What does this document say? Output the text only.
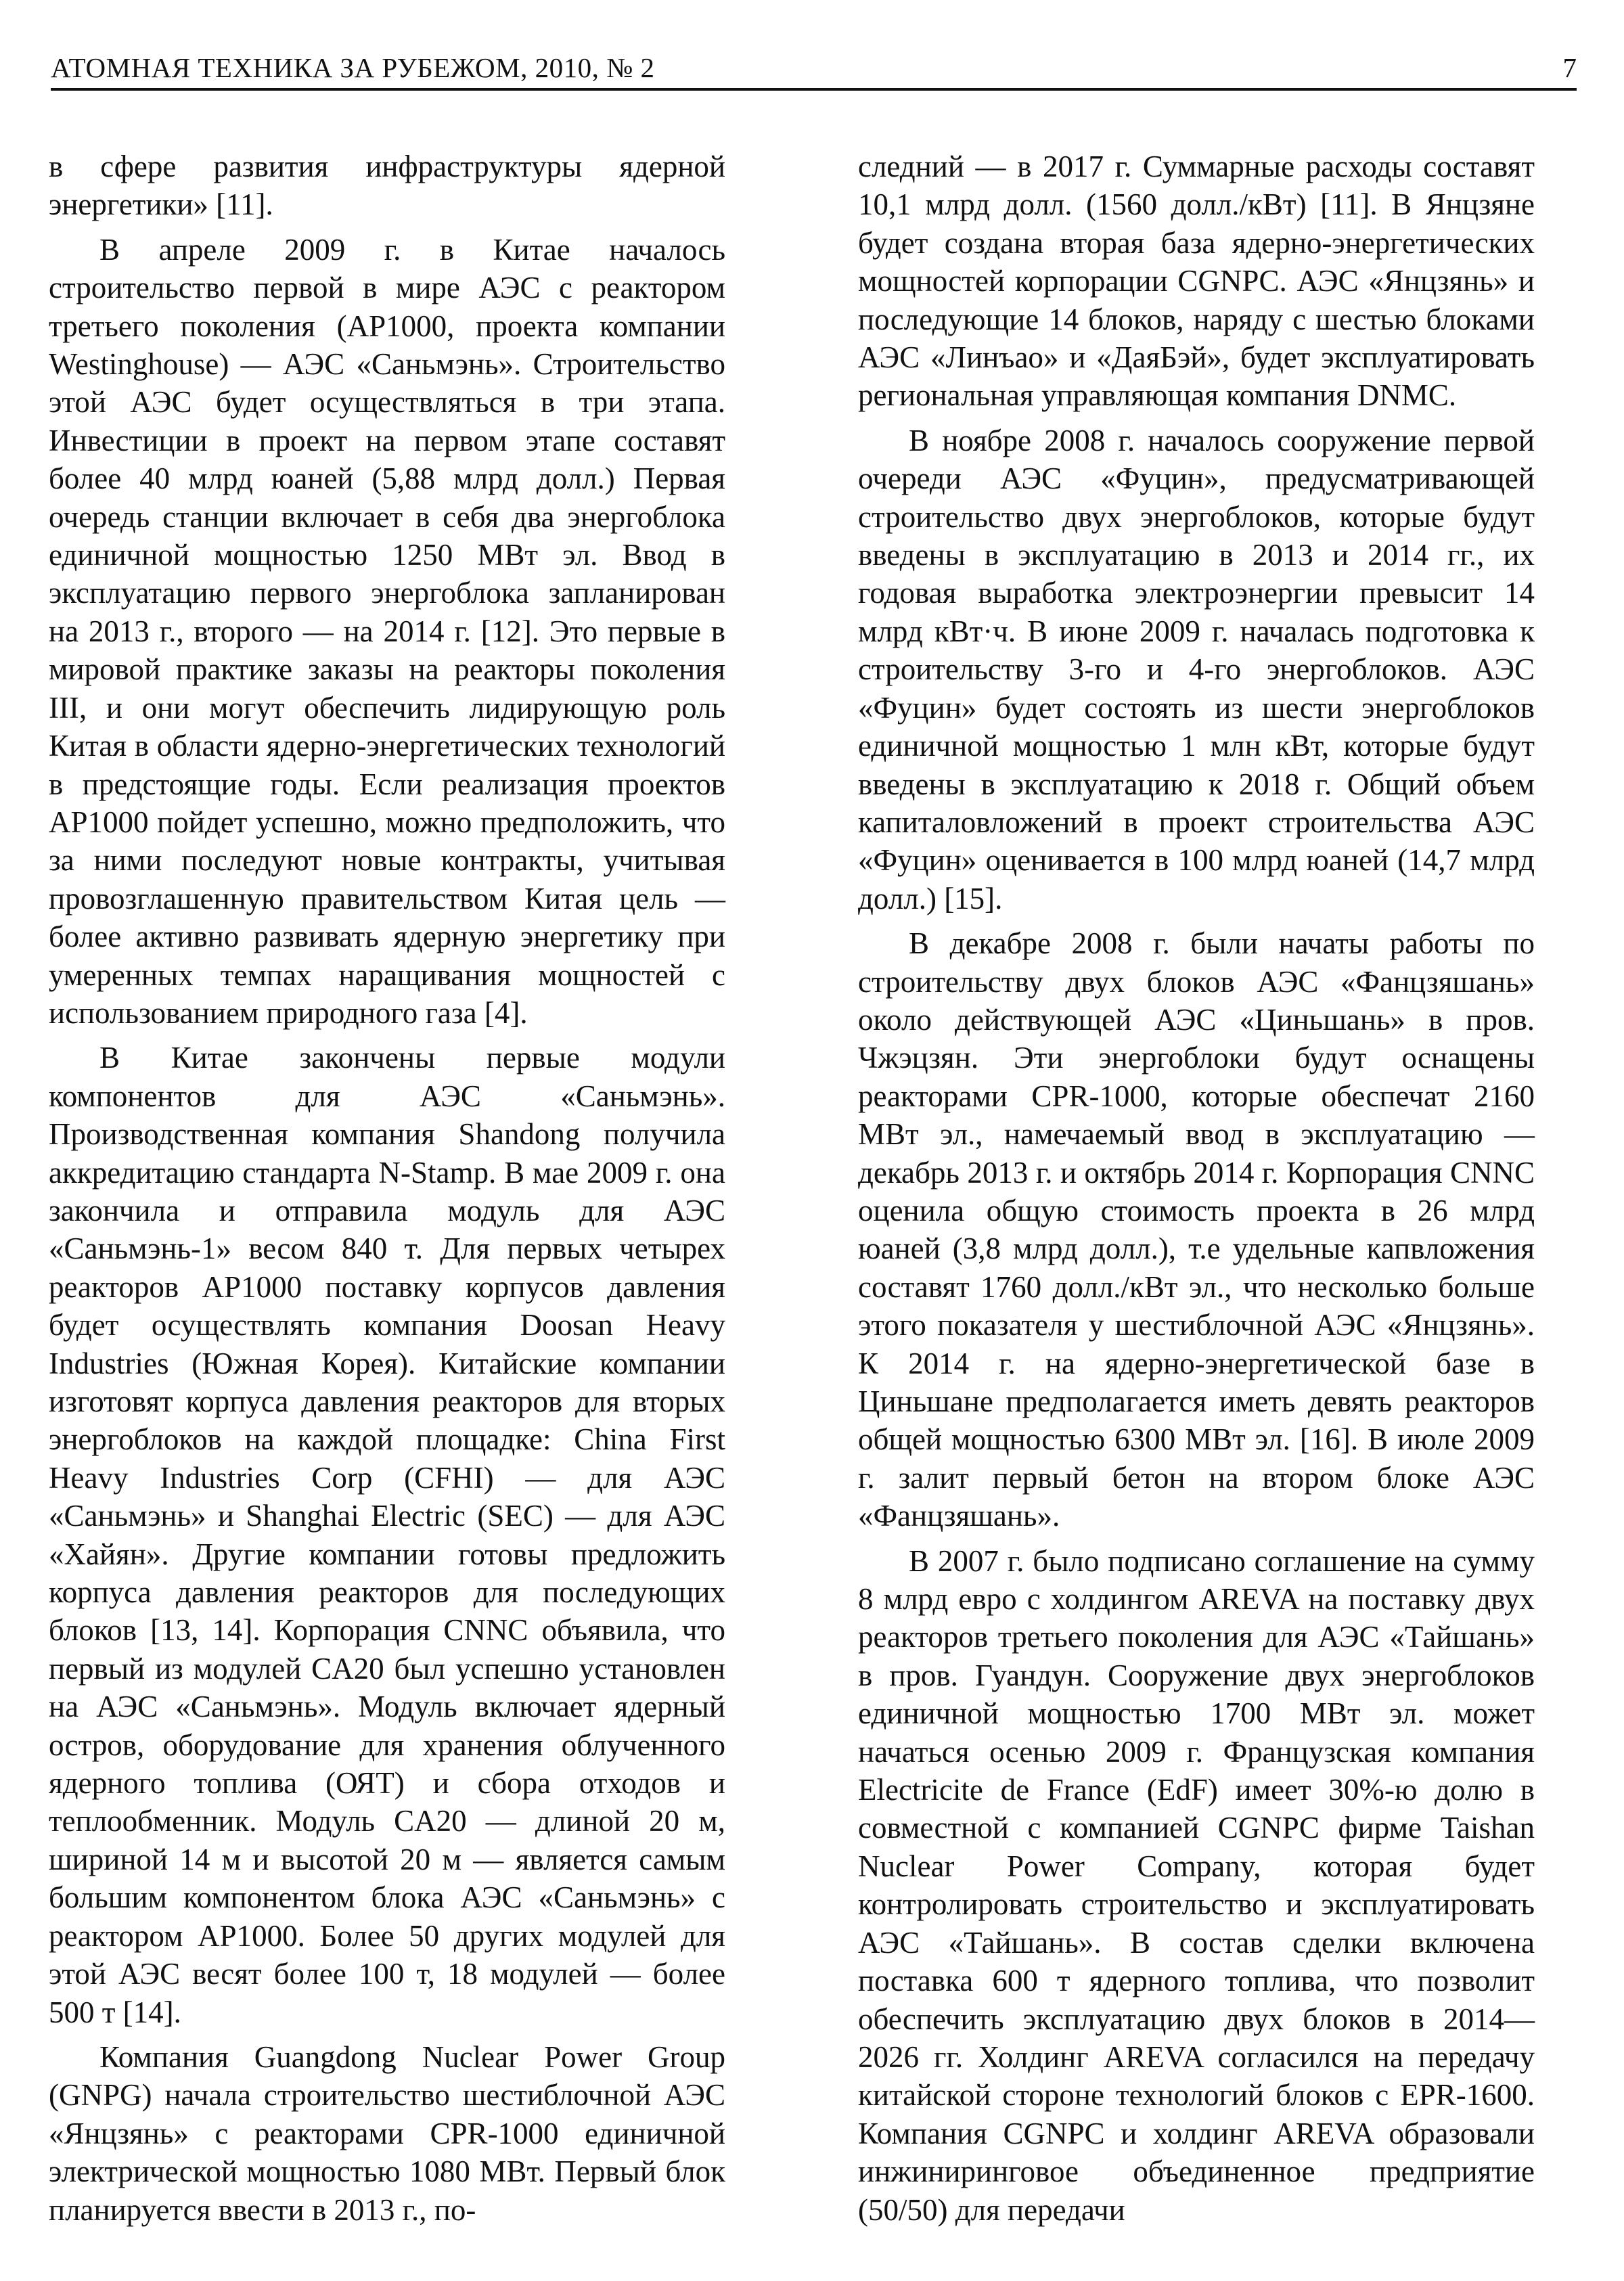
АТОМНАЯ ТЕХНИКА ЗА РУБЕЖОМ, 2010, № 2	7

в сфере развития инфраструктуры ядерной энергетики» [11].

В апреле 2009 г. в Китае началось строительство первой в мире АЭС с реактором третьего поколения (AP1000, проекта компании Westinghouse) — АЭС «Саньмэнь». Строительство этой АЭС будет осуществляться в три этапа. Инвестиции в проект на первом этапе составят более 40 млрд юаней (5,88 млрд долл.) Первая очередь станции включает в себя два энергоблока единичной мощностью 1250 МВт эл. Ввод в эксплуатацию первого энергоблока запланирован на 2013 г., второго — на 2014 г. [12]. Это первые в мировой практике заказы на реакторы поколения III, и они могут обеспечить лидирующую роль Китая в области ядерно-энергетических технологий в предстоящие годы. Если реализация проектов AP1000 пойдет успешно, можно предположить, что за ними последуют новые контракты, учитывая провозглашенную правительством Китая цель — более активно развивать ядерную энергетику при умеренных темпах наращивания мощностей с использованием природного газа [4].

В Китае закончены первые модули компонентов для АЭС «Саньмэнь». Производственная компания Shandong получила аккредитацию стандарта N-Stamp. В мае 2009 г. она закончила и отправила модуль для АЭС «Саньмэнь-1» весом 840 т. Для первых четырех реакторов AP1000 поставку корпусов давления будет осуществлять компания Doosan Heavy Industries (Южная Корея). Китайские компании изготовят корпуса давления реакторов для вторых энергоблоков на каждой площадке: China First Heavy Industries Corp (CFHI) — для АЭС «Саньмэнь» и Shanghai Electric (SEC) — для АЭС «Хайян». Другие компании готовы предложить корпуса давления реакторов для последующих блоков [13, 14]. Корпорация CNNC объявила, что первый из модулей CA20 был успешно установлен на АЭС «Саньмэнь». Модуль включает ядерный остров, оборудование для хранения облученного ядерного топлива (ОЯТ) и сбора отходов и теплообменник. Модуль CA20 — длиной 20 м, шириной 14 м и высотой 20 м — является самым большим компонентом блока АЭС «Саньмэнь» с реактором AP1000. Более 50 других модулей для этой АЭС весят более 100 т, 18 модулей — более 500 т [14].

Компания Guangdong Nuclear Power Group (GNPG) начала строительство шестиблочной АЭС «Янцзянь» с реакторами CPR-1000 единичной электрической мощностью 1080 МВт. Первый блок планируется ввести в 2013 г., по-

следний — в 2017 г. Суммарные расходы составят 10,1 млрд долл. (1560 долл./кВт) [11]. В Янцзяне будет создана вторая база ядерно-энергетических мощностей корпорации CGNPC. АЭС «Янцзянь» и последующие 14 блоков, наряду с шестью блоками АЭС «Линъао» и «ДаяБэй», будет эксплуатировать региональная управляющая компания DNMC.

В ноябре 2008 г. началось сооружение первой очереди АЭС «Фуцин», предусматривающей строительство двух энергоблоков, которые будут введены в эксплуатацию в 2013 и 2014 гг., их годовая выработка электроэнергии превысит 14 млрд кВт·ч. В июне 2009 г. началась подготовка к строительству 3-го и 4-го энергоблоков. АЭС «Фуцин» будет состоять из шести энергоблоков единичной мощностью 1 млн кВт, которые будут введены в эксплуатацию к 2018 г. Общий объем капиталовложений в проект строительства АЭС «Фуцин» оценивается в 100 млрд юаней (14,7 млрд долл.) [15].

В декабре 2008 г. были начаты работы по строительству двух блоков АЭС «Фанцзяшань» около действующей АЭС «Циньшань» в пров. Чжэцзян. Эти энергоблоки будут оснащены реакторами CPR-1000, которые обеспечат 2160 МВт эл., намечаемый ввод в эксплуатацию — декабрь 2013 г. и октябрь 2014 г. Корпорация CNNC оценила общую стоимость проекта в 26 млрд юаней (3,8 млрд долл.), т.е удельные капвложения составят 1760 долл./кВт эл., что несколько больше этого показателя у шестиблочной АЭС «Янцзянь». К 2014 г. на ядерно-энергетической базе в Циньшане предполагается иметь девять реакторов общей мощностью 6300 МВт эл. [16]. В июле 2009 г. залит первый бетон на втором блоке АЭС «Фанцзяшань».

В 2007 г. было подписано соглашение на сумму 8 млрд евро с холдингом AREVA на поставку двух реакторов третьего поколения для АЭС «Тайшань» в пров. Гуандун. Сооружение двух энергоблоков единичной мощностью 1700 МВт эл. может начаться осенью 2009 г. Французская компания Electricite de France (EdF) имеет 30%-ю долю в совместной с компанией CGNPC фирме Taishan Nuclear Power Company, которая будет контролировать строительство и эксплуатировать АЭС «Тайшань». В состав сделки включена поставка 600 т ядерного топлива, что позволит обеспечить эксплуатацию двух блоков в 2014—2026 гг. Холдинг AREVA согласился на передачу китайской стороне технологий блоков с EPR-1600. Компания CGNPC и холдинг AREVA образовали инжиниринговое объединенное предприятие (50/50) для передачи
